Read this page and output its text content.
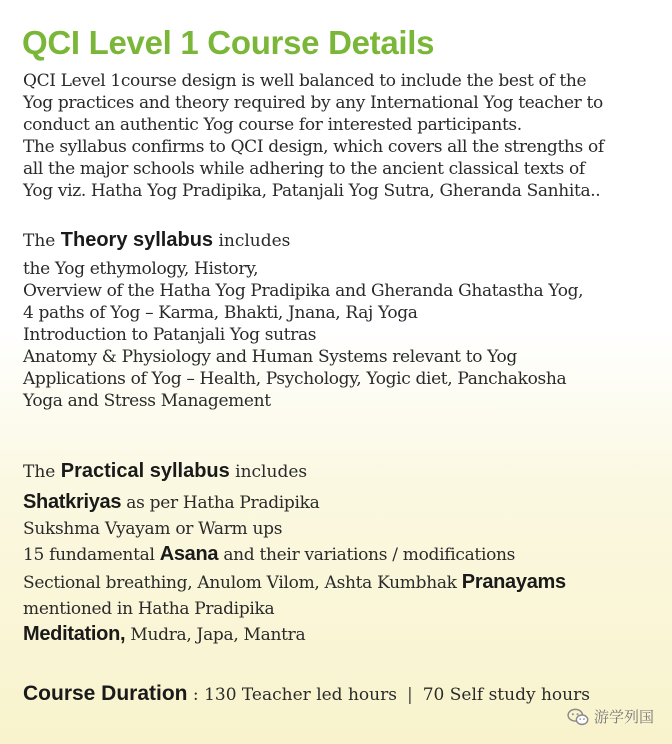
QCI Level 1 Course Details
QCI Level 1course design is well balanced to include the best of the
Yog practices and theory required by any International Yog teacher to
conduct an authentic Yog course for interested participants.
The syllabus confirms to QCI design, which covers all the strengths of
all the major schools while adhering to the ancient classical texts of
Yog viz. Hatha Yog Pradipika, Patanjali Yog Sutra, Gheranda Sanhita..
The Theory syllabus includes
the Yog ethymology, History,
Overview of the Hatha Yog Pradipika and Gheranda Ghatastha Yog,
4 paths of Yog – Karma, Bhakti, Jnana, Raj Yoga
Introduction to Patanjali Yog sutras
Anatomy & Physiology and Human Systems relevant to Yog
Applications of Yog – Health, Psychology, Yogic diet, Panchakosha
Yoga and Stress Management
The Practical syllabus includes
Shatkriyas as per Hatha Pradipika
Sukshma Vyayam or Warm ups
15 fundamental Asana and their variations / modifications
Sectional breathing, Anulom Vilom, Ashta Kumbhak Pranayams
mentioned in Hatha Pradipika
Meditation, Mudra, Japa, Mantra
Course Duration : 130 Teacher led hours | 70 Self study hours
游学列国
